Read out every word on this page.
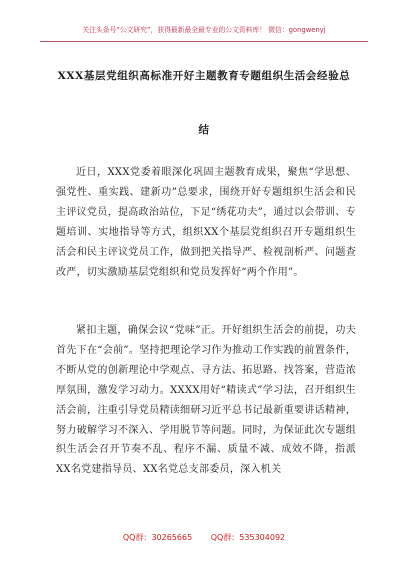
关注头条号“公文研究”，获得最新最全最专业的公文资料库！ 微信：gongwenyj
XXX基层党组织高标准开好主题教育专题组织生活会经验总
结

近日，XXX党委着眼深化巩固主题教育成果，聚焦“学思想、强党性、重实践、建新功”总要求，围绕开好专题组织生活会和民主评议党员，提高政治站位，下足“绣花功夫”，通过以会带训、专题培训、实地指导等方式，组织XX个基层党组织召开专题组织生活会和民主评议党员工作，做到把关指导严、检视剖析严、问题查改严，切实激励基层党组织和党员发挥好“两个作用”。

紧扣主题，确保会议“党味”正。开好组织生活会的前提，功夫首先下在“会前”。坚持把理论学习作为推动工作实践的前置条件，不断从党的创新理论中学观点、寻方法、拓思路、找答案，营造浓厚氛围，激发学习动力。XXXX用好“精读式”学习法，召开组织生活会前，注重引导党员精读细研习近平总书记最新重要讲话精神，努力破解学习不深入、学用脱节等问题。同时，为保证此次专题组织生活会召开节奏不乱、程序不漏、质量不减、成效不降，指派XX名党建指导员、XX名党总支部委员，深入机关

QQ群：30265665 QQ群：535304092
